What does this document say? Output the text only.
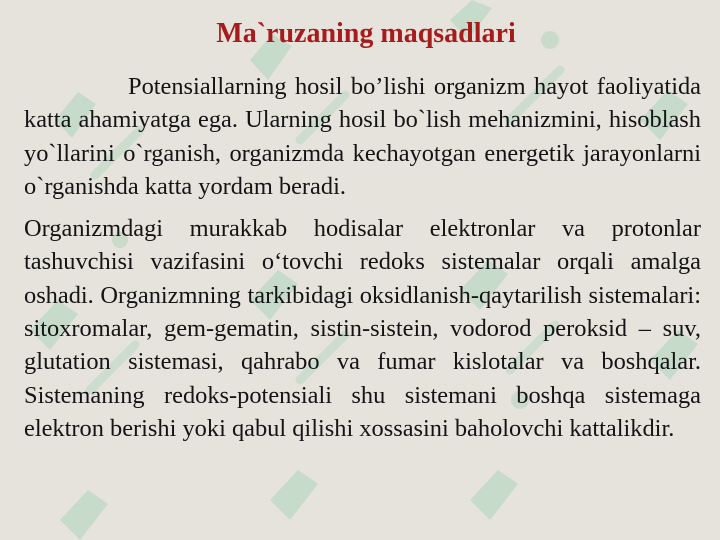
Ma`ruzaning maqsadlari

Potensiallarning hosil bo’lishi organizm hayot faoliyatida katta ahamiyatga ega. Ularning hosil bo`lish mehanizmini, hisoblash yo`llarini o`rganish, organizmda kechayotgan energetik jarayonlarni o`rganishda katta yordam beradi.

Organizmdagi murakkab hodisalar elektronlar va protonlar tashuvchisi vazifasini o‘tovchi redoks sistemalar orqali amalga oshadi. Organizmning tarkibidagi oksidlanish-qaytarilish sistemalari: sitoxromalar, gem-gematin, sistin-sistein, vodorod peroksid – suv, glutation sistemasi, qahrabo va fumar kislotalar va boshqalar. Sistemaning redoks-potensiali shu sistemani boshqa sistemaga elektron berishi yoki qabul qilishi xossasini baholovchi kattalikdir.
